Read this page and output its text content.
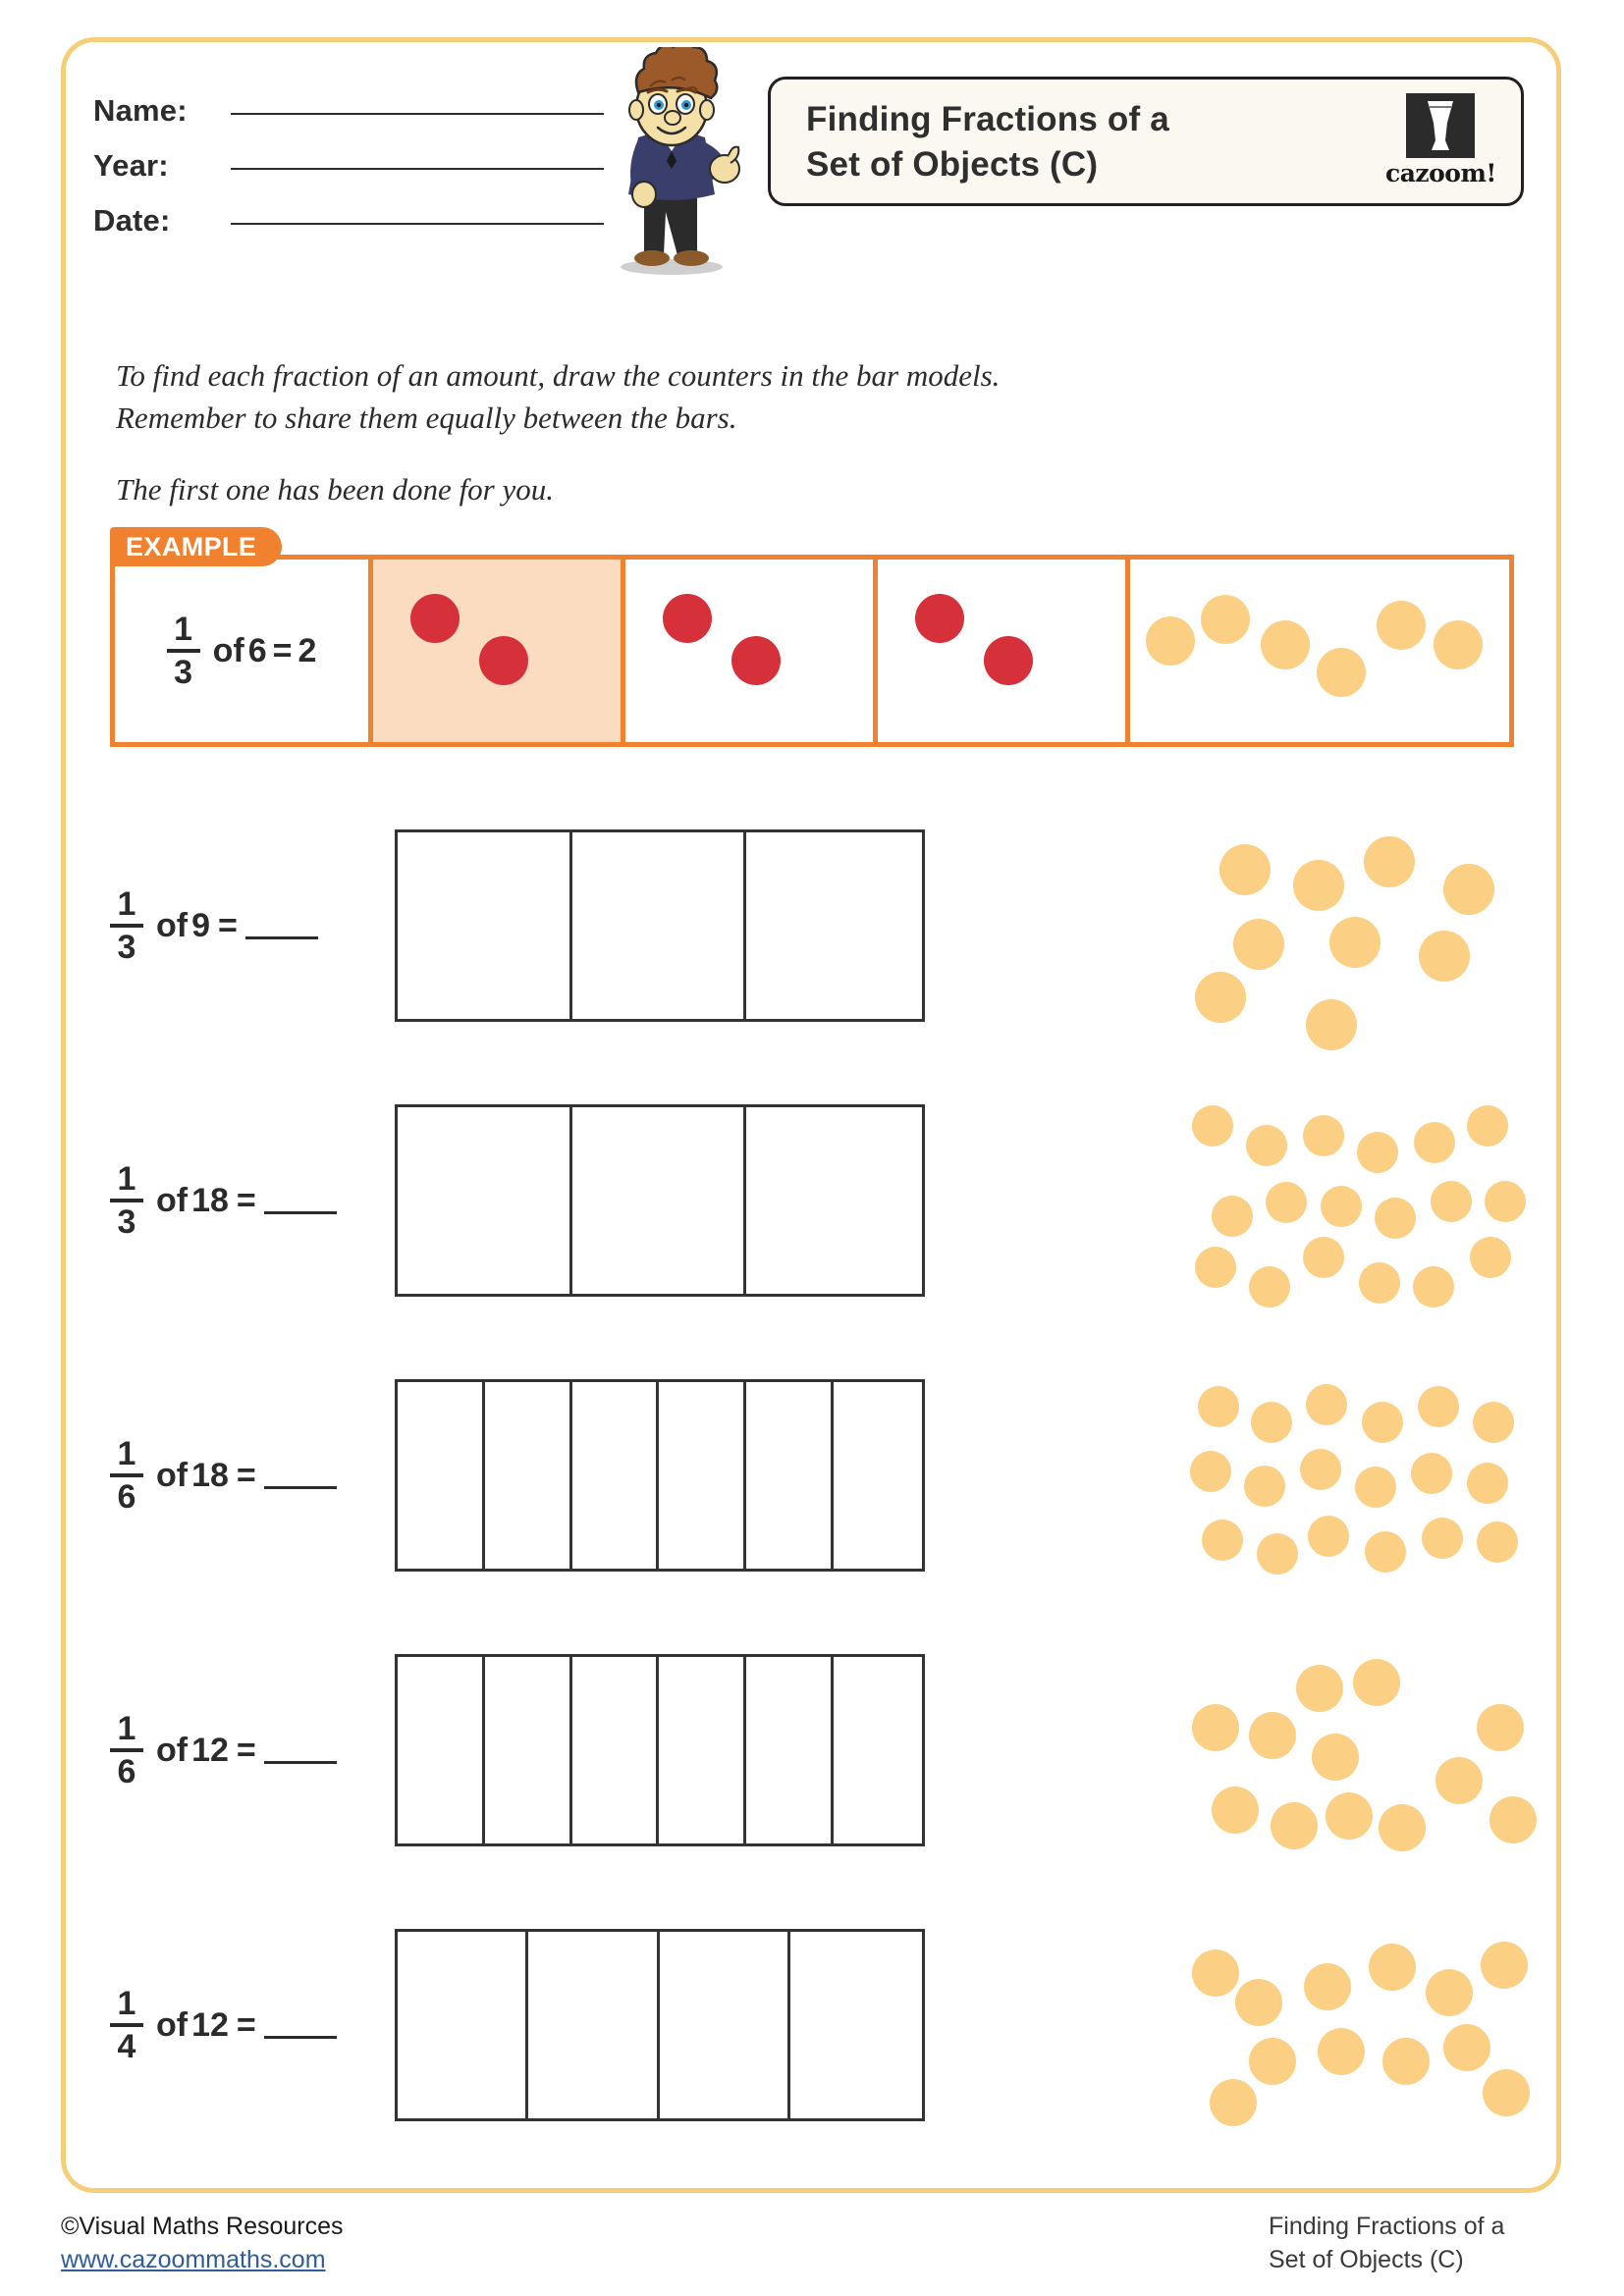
Name:
Year:
Date:
Finding Fractions of a
Set of Objects (C)	cazoom!
To find each fraction of an amount, draw the counters in the bar models.
Remember to share them equally between the bars.
The first one has been done for you.
EXAMPLE
$\frac{1}{3}$ of 6 = 2
$\frac{1}{3}$ of 9 =
$\frac{1}{3}$ of 18 =
$\frac{1}{6}$ of 18 =
$\frac{1}{6}$ of 12 =
$\frac{1}{4}$ of 12 =
©Visual Maths Resources
www.cazoommaths.com
Finding Fractions of a
Set of Objects (C)
